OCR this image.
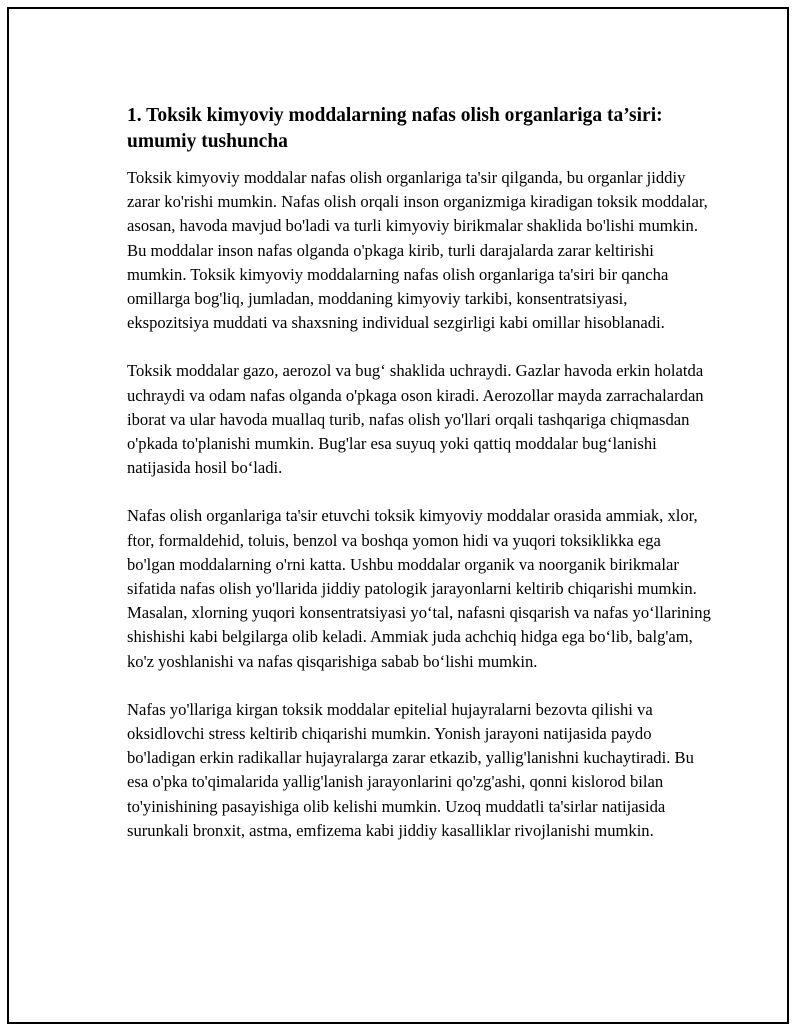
1. Toksik kimyoviy moddalarning nafas olish organlariga ta’siri: umumiy tushuncha

Toksik kimyoviy moddalar nafas olish organlariga ta'sir qilganda, bu organlar jiddiy zarar ko'rishi mumkin. Nafas olish orqali inson organizmiga kiradigan toksik moddalar, asosan, havoda mavjud bo'ladi va turli kimyoviy birikmalar shaklida bo'lishi mumkin. Bu moddalar inson nafas olganda o'pkaga kirib, turli darajalarda zarar keltirishi mumkin. Toksik kimyoviy moddalarning nafas olish organlariga ta'siri bir qancha omillarga bog'liq, jumladan, moddaning kimyoviy tarkibi, konsentratsiyasi, ekspozitsiya muddati va shaxsning individual sezgirligi kabi omillar hisoblanadi.

Toksik moddalar gazo, aerozol va bug‘ shaklida uchraydi. Gazlar havoda erkin holatda uchraydi va odam nafas olganda o'pkaga oson kiradi. Aerozollar mayda zarrachalardan iborat va ular havoda muallaq turib, nafas olish yo'llari orqali tashqariga chiqmasdan o'pkada to'planishi mumkin. Bug'lar esa suyuq yoki qattiq moddalar bug‘lanishi natijasida hosil bo‘ladi.

Nafas olish organlariga ta'sir etuvchi toksik kimyoviy moddalar orasida ammiak, xlor, ftor, formaldehid, toluis, benzol va boshqa yomon hidi va yuqori toksiklikka ega bo'lgan moddalarning o'rni katta. Ushbu moddalar organik va noorganik birikmalar sifatida nafas olish yo'llarida jiddiy patologik jarayonlarni keltirib chiqarishi mumkin. Masalan, xlorning yuqori konsentratsiyasi yo‘tal, nafasni qisqarish va nafas yo‘llarining shishishi kabi belgilarga olib keladi. Ammiak juda achchiq hidga ega bo‘lib, balg'am, ko'z yoshlanishi va nafas qisqarishiga sabab bo‘lishi mumkin.

Nafas yo'llariga kirgan toksik moddalar epitelial hujayralarni bezovta qilishi va oksidlovchi stress keltirib chiqarishi mumkin. Yonish jarayoni natijasida paydo bo'ladigan erkin radikallar hujayralarga zarar etkazib, yallig'lanishni kuchaytiradi. Bu esa o'pka to'qimalarida yallig'lanish jarayonlarini qo'zg'ashi, qonni kislorod bilan to'yinishining pasayishiga olib kelishi mumkin. Uzoq muddatli ta'sirlar natijasida surunkali bronxit, astma, emfizema kabi jiddiy kasalliklar rivojlanishi mumkin.
